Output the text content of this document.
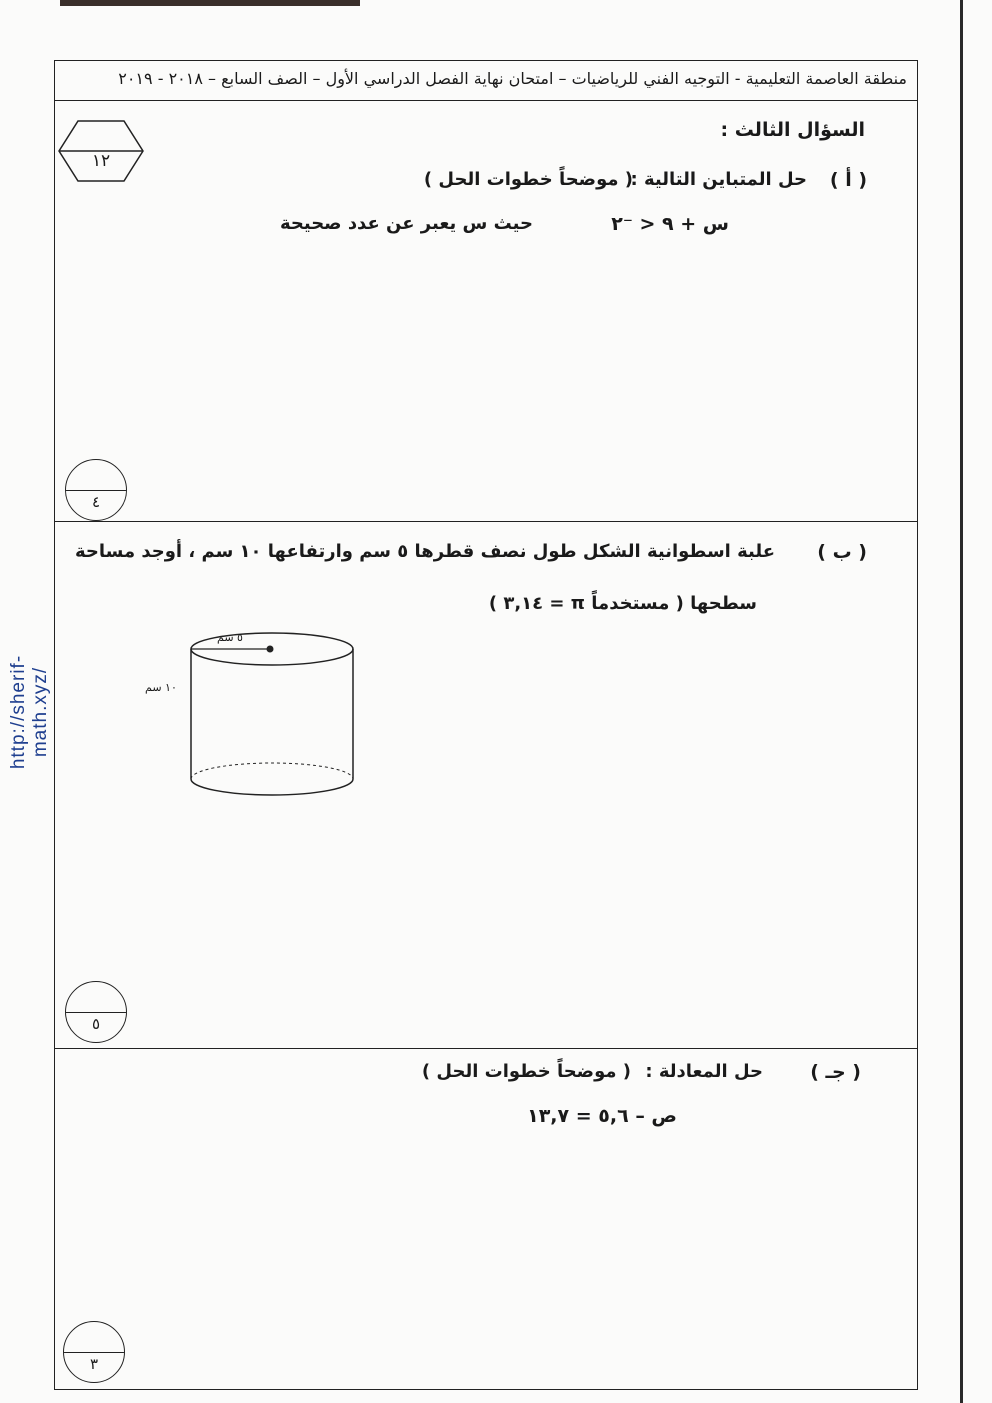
http://sherif-math.xyz/
منطقة العاصمة التعليمية - التوجيه الفني للرياضيات – امتحان نهاية الفصل الدراسي الأول – الصف السابع – ٢٠١٨ - ٢٠١٩
السؤال الثالث :
١٢
( أ )
حل المتباين التالية :
( موضحاً خطوات الحل )
س + ٩ < ⁻٢
حيث س يعبر عن عدد صحيحة
٤
( ب )
علبة اسطوانية الشكل طول نصف قطرها ٥ سم وارتفاعها ١٠ سم ، أوجد مساحة
سطحها ( مستخدماً π = ٣,١٤ )
٥ سم
١٠ سم
٥
( جـ )
حل المعادلة :
( موضحاً خطوات الحل )
ص – ٥,٦ = ١٣,٧
٣
